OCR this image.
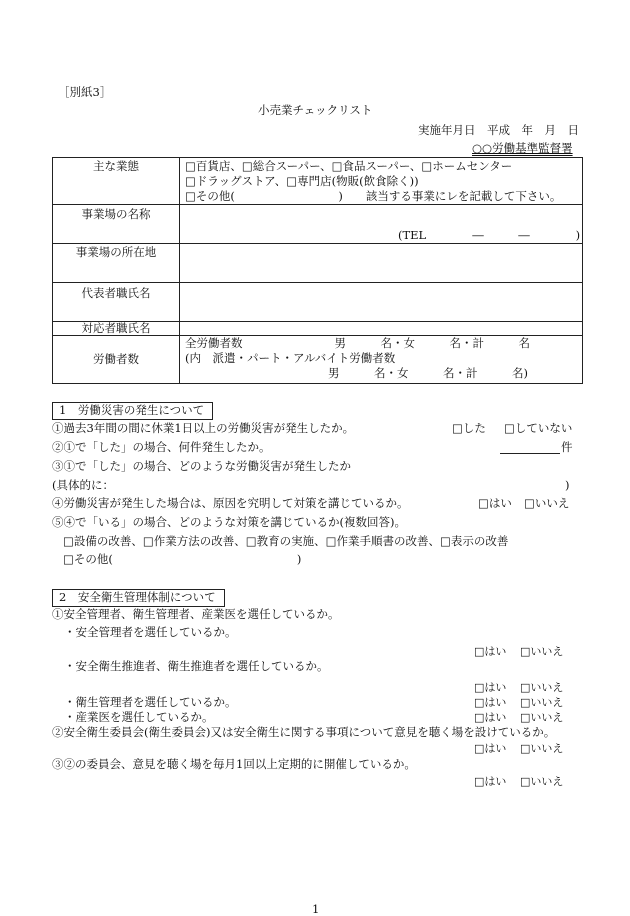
［別紙3］
小売業チェックリスト
実施年月日　平成　年　月　日
○○労働基準監督署
主な業態	□百貨店、□総合スーパー、□食品スーパー、□ホームセンター
□ドラッグストア、□専門店(物販(飲食除く))
□その他(　　　　　　　　　)　　該当する事業にレを記載して下さい。

事業場の名称	(TEL　　　　―　　　―　　　　)

事業場の所在地	

代表者職氏名	

対応者職氏名	

労働者数	全労働者数　　　　　　　　男　　　名・女　　　名・計　　　名
(内　派遣・パート・アルバイト労働者数
男　　　名・女　　　名・計　　　名)
1　労働災害の発生について
①過去3年間の間に休業1日以上の労働災害が発生したか。	□した □していない
②①で「した」の場合、何件発生したか。	件
③①で「した」の場合、どのような労働災害が発生したか
(具体的に：	)
④労働災害が発生した場合は、原因を究明して対策を講じているか。	□はい □いいえ
⑤④で「いる」の場合、どのような対策を講じているか(複数回答)。
□設備の改善、□作業方法の改善、□教育の実施、□作業手順書の改善、□表示の改善
□その他(　　　　　　　　　　　　　　　　)
2　安全衛生管理体制について
①安全管理者、衛生管理者、産業医を選任しているか。
・安全管理者を選任しているか。
□はい □いいえ
・安全衛生推進者、衛生推進者を選任しているか。
□はい □いいえ
・衛生管理者を選任しているか。	□はい □いいえ
・産業医を選任しているか。	□はい □いいえ
②安全衛生委員会(衛生委員会)又は安全衛生に関する事項について意見を聴く場を設けているか。
□はい □いいえ
③②の委員会、意見を聴く場を毎月1回以上定期的に開催しているか。
□はい □いいえ
1
